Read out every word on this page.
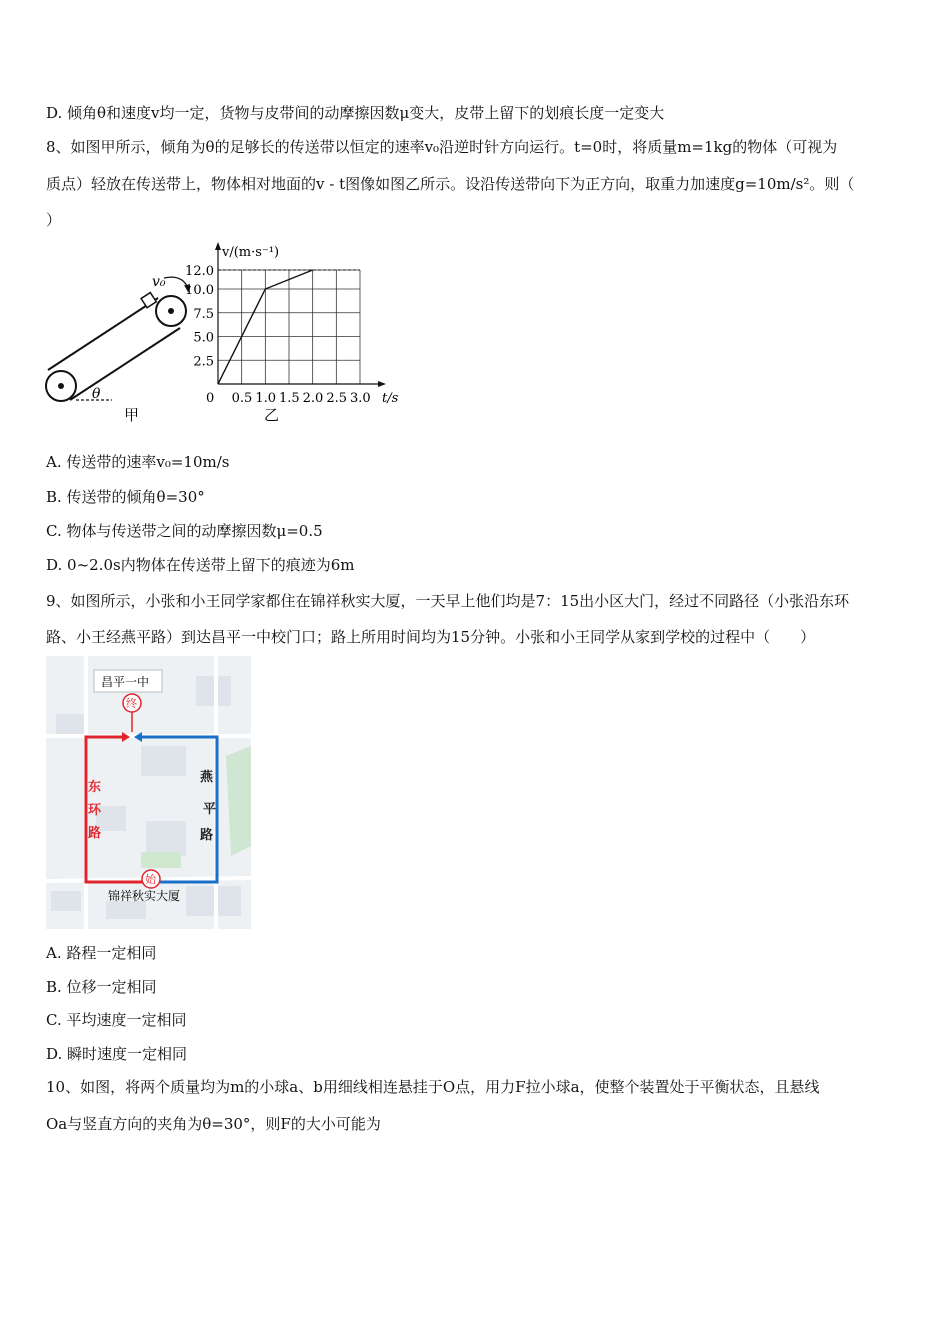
D. 倾角θ和速度v均一定，货物与皮带间的动摩擦因数μ变大，皮带上留下的划痕长度一定变大
8、如图甲所示，倾角为θ的足够长的传送带以恒定的速率v₀沿逆时针方向运行。t=0时，将质量m=1kg的物体（可视为
质点）轻放在传送带上，物体相对地面的v - t图像如图乙所示。设沿传送带向下为正方向，取重力加速度g=10m/s²。则（
）
v₀
θ
甲
0.5 1.0 1.5 2.0 2.5 3.0
2.5
5.0
7.5
10.0
12.0
v/(m·s⁻¹)
t/s
0
乙
A. 传送带的速率v₀=10m/s
B. 传送带的倾角θ=30°
C. 物体与传送带之间的动摩擦因数μ=0.5
D. 0~2.0s内物体在传送带上留下的痕迹为6m
9、如图所示，小张和小王同学家都住在锦祥秋实大厦，一天早上他们均是7：15出小区大门，经过不同路径（小张沿东环
路、小王经燕平路）到达昌平一中校门口；路上所用时间均为15分钟。小张和小王同学从家到学校的过程中（　　）
昌平一中
终
始
锦祥秋实大厦
东
环
路
燕
平
路
A. 路程一定相同
B. 位移一定相同
C. 平均速度一定相同
D. 瞬时速度一定相同
10、如图，将两个质量均为m的小球a、b用细线相连悬挂于O点，用力F拉小球a，使整个装置处于平衡状态，且悬线
Oa与竖直方向的夹角为θ=30°，则F的大小可能为
